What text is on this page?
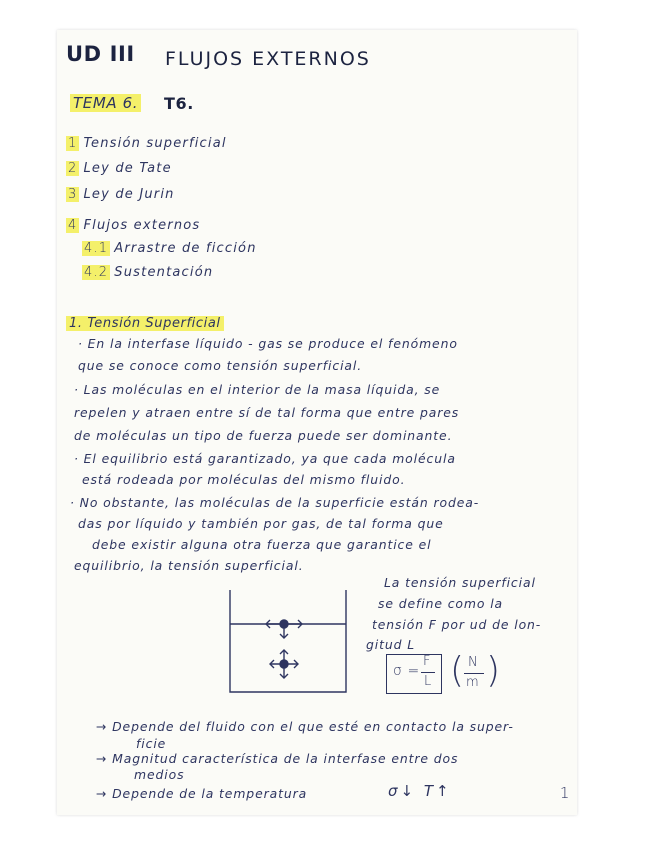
UD III FLUJOS EXTERNOS
TEMA 6. T6.
1 Tensión superficial
2 Ley de Tate
3 Ley de Jurin
4 Flujos externos
4.1 Arrastre de ficción
4.2 Sustentación
1. Tensión Superficial
· En la interfase líquido - gas se produce el fenómeno
que se conoce como tensión superficial.
· Las moléculas en el interior de la masa líquida, se
repelen y atraen entre sí de tal forma que entre pares
de moléculas un tipo de fuerza puede ser dominante.
· El equilibrio está garantizado, ya que cada molécula
está rodeada por moléculas del mismo fluido.
· No obstante, las moléculas de la superficie están rodea-
das por líquido y también por gas, de tal forma que
debe existir alguna otra fuerza que garantice el
equilibrio, la tensión superficial.
La tensión superficial
se define como la
tensión F por ud de lon-
gitud L
σ =
F
L ( N
m )
→ Depende del fluido con el que esté en contacto la super-
ficie
→ Magnitud característica de la interfase entre dos
medios
→ Depende de la temperatura	σ↓ T↑	1
